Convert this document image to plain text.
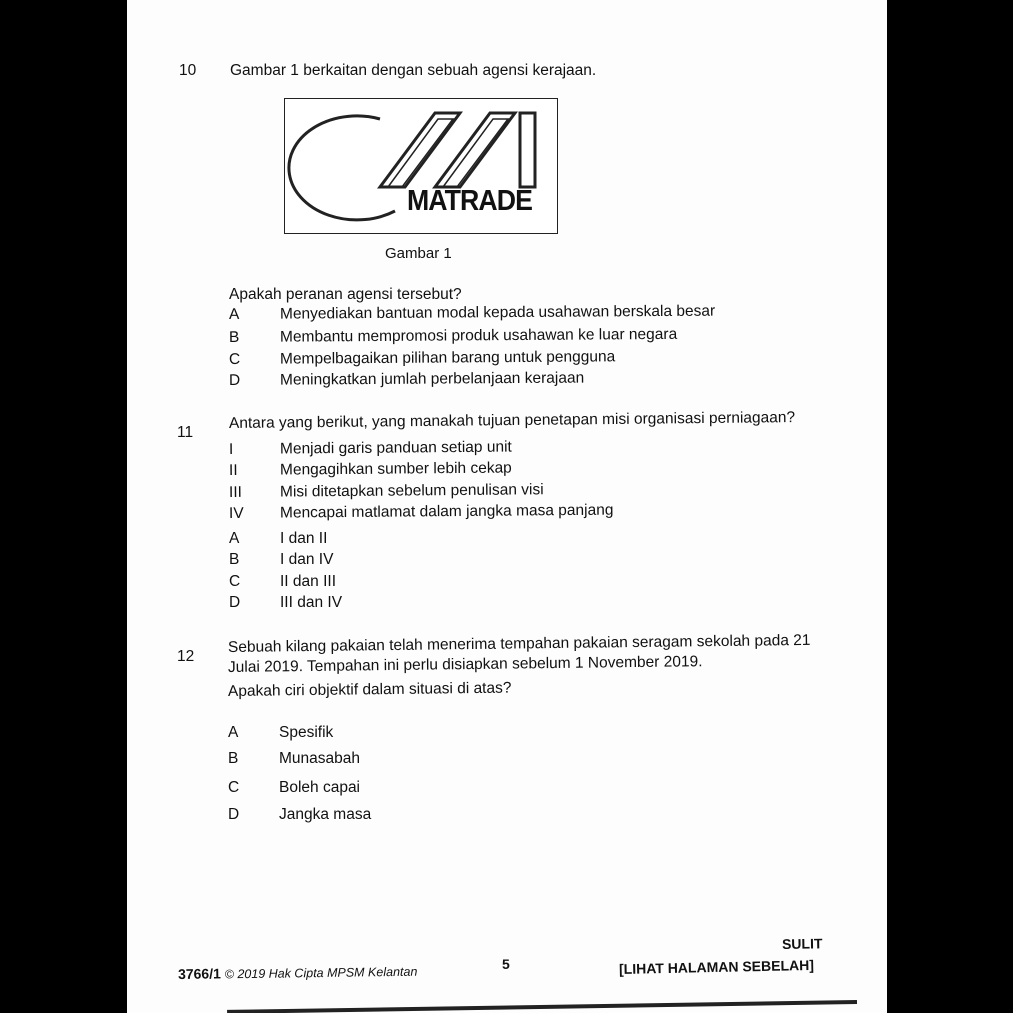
10 Gambar 1 berkaitan dengan sebuah agensi kerajaan.
MATRADE
Gambar 1
Apakah peranan agensi tersebut?
A	Menyediakan bantuan modal kepada usahawan berskala besar
B	Membantu mempromosi produk usahawan ke luar negara
C	Mempelbagaikan pilihan barang untuk pengguna
D	Meningkatkan jumlah perbelanjaan kerajaan
11
Antara yang berikut, yang manakah tujuan penetapan misi organisasi perniagaan?
I	Menjadi garis panduan setiap unit
II	Mengagihkan sumber lebih cekap
III Misi ditetapkan sebelum penulisan visi
IV Mencapai matlamat dalam jangka masa panjang
A	I dan II
B	I dan IV
C	II dan III
D	III dan IV
12
Sebuah kilang pakaian telah menerima tempahan pakaian seragam sekolah pada 21
Julai 2019. Tempahan ini perlu disiapkan sebelum 1 November 2019.
Apakah ciri objektif dalam situasi di atas?
A	Spesifik
B	Munasabah
C	Boleh capai
D	Jangka masa
3766/1 © 2019 Hak Cipta MPSM Kelantan
5
SULIT
[LIHAT HALAMAN SEBELAH]
